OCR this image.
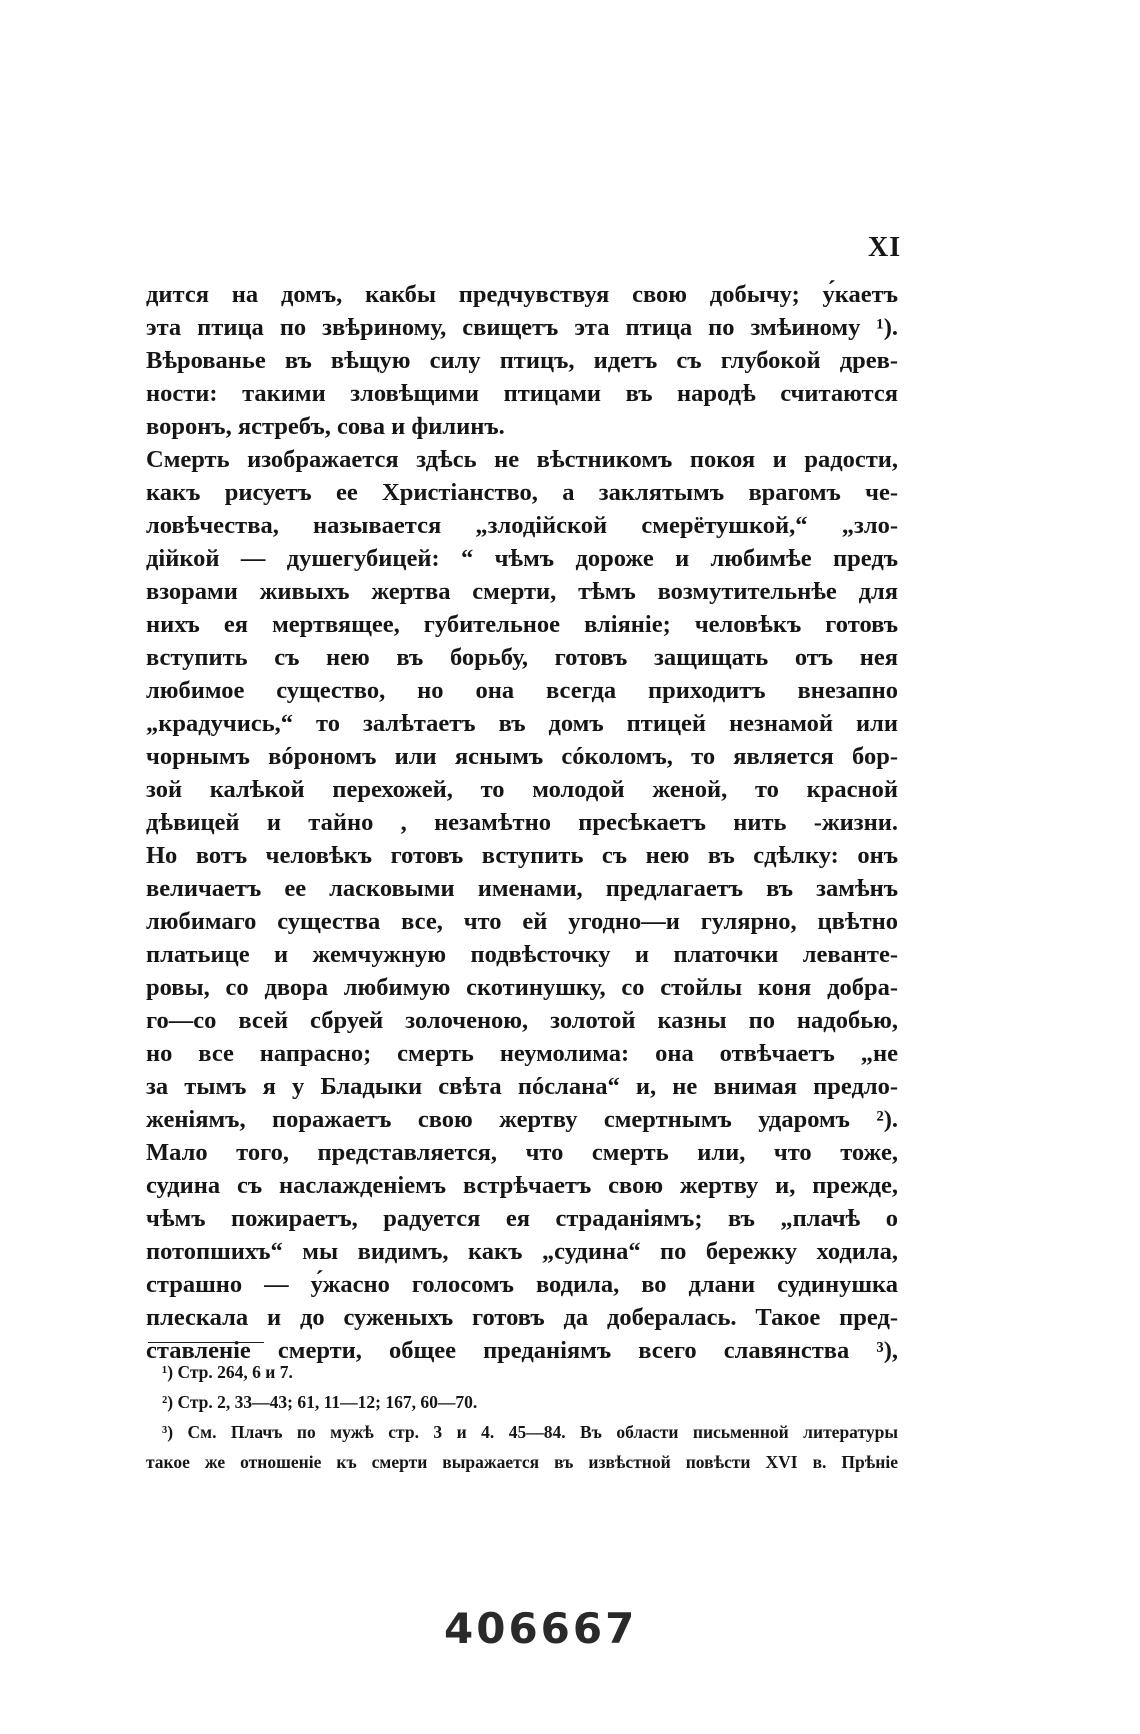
XI
дится на домъ, какбы предчувствуя свою добычу; у́каетъ
эта птица по звѣриному, свищетъ эта птица по змѣиному ¹).
Вѣрованье въ вѣщую силу птицъ, идетъ съ глубокой древ-
ности: такими зловѣщими птицами въ народѣ считаются
воронъ, ястребъ, сова и филинъ.
Смерть изображается здѣсь не вѣстникомъ покоя и радости,
какъ рисуетъ ее Христіанство, а заклятымъ врагомъ че-
ловѣчества, называется „злодійской смерётушкой,“ „зло-
дійкой — душегубицей: “ чѣмъ дороже и любимѣе предъ
взорами живыхъ жертва смерти, тѣмъ возмутительнѣе для
нихъ ея мертвящее, губительное вліяніе; человѣкъ готовъ
вступить съ нею въ борьбу, готовъ защищать отъ нея
любимое существо, но она всегда приходитъ внезапно
„крадучись,“ то залѣтаетъ въ домъ птицей незнамой или
чорнымъ вóрономъ или яснымъ сóколомъ, то является бор-
зой калѣкой перехожей, то молодой женой, то красной
дѣвицей и тайно , незамѣтно пресѣкаетъ нить -жизни.
Но вотъ человѣкъ готовъ вступить съ нею въ сдѣлку: онъ
величаетъ ее ласковыми именами, предлагаетъ въ замѣнъ
любимаго существа все, что ей угодно—и гулярно, цвѣтно
платьице и жемчужную подвѣсточку и платочки леванте-
ровы, со двора любимую скотинушку, со стойлы коня добра-
го—со всей сбруей золоченою, золотой казны по надобью,
но все напрасно; смерть неумолима: она отвѣчаетъ „не
за тымъ я у Бладыки свѣта пóслана“ и, не внимая предло-
женіямъ, поражаетъ свою жертву смертнымъ ударомъ ²).
Мало того, представляется, что смерть или, что тоже,
судина съ наслажденіемъ встрѣчаетъ свою жертву и, прежде,
чѣмъ пожираетъ, радуется ея страданіямъ; въ „плачѣ о
потопшихъ“ мы видимъ, какъ „судина“ по бережку ходила,
страшно — у́жасно голосомъ водила, во длани судинушка
плескала и до суженыхъ готовъ да добералась. Такое пред-
ставленіе смерти, общее преданіямъ всего славянства ³),
¹) Стр. 264, 6 и 7.
²) Стр. 2, 33—43; 61, 11—12; 167, 60—70.
³) См. Плачъ по мужѣ стр. 3 и 4. 45—84. Въ области письменной литературы
такое же отношеніе къ смерти выражается въ извѣстной повѣсти XVI в. Прѣніе
406667
